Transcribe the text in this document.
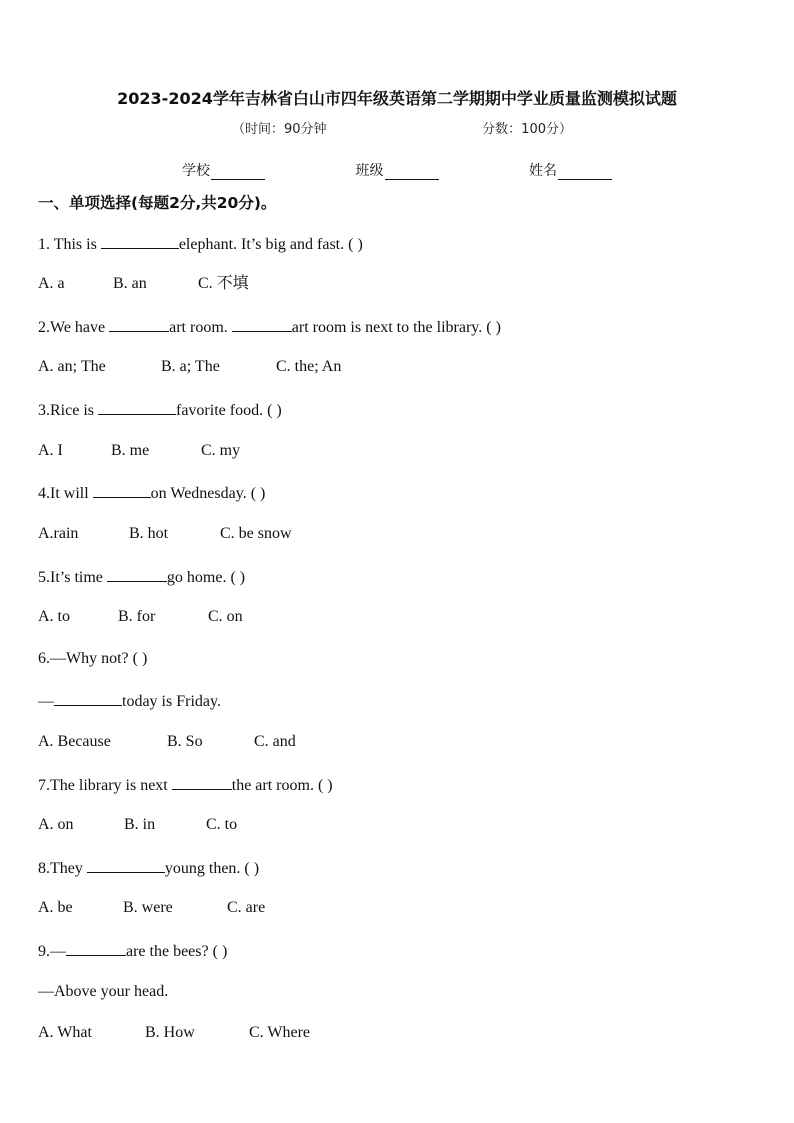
2023-2024学年吉林省白山市四年级英语第二学期期中学业质量监测模拟试题
（时间：90分钟	分数：100分）
学校	班级	姓名
一、单项选择(每题2分,共20分)。
1. This is	elephant. It’s big and fast. ( )
A. a	B. an	C. 不填
2.We have	art room.	art room is next to the library. ( )
A. an; The	B. a; The	C. the; An
3.Rice is	favorite food. ( )
A. I	B. me	C. my
4.It will	on Wednesday. ( )
A.rain	B. hot	C. be snow
5.It’s time	go home. ( )
A. to	B. for	C. on
6.—Why not? ( )
—	today is Friday.
A. Because	B. So	C. and
7.The library is next	the art room. ( )
A. on	B. in	C. to
8.They	young then. ( )
A. be	B. were	C. are
9.—	are the bees? ( )
—Above your head.
A. What	B. How	C. Where
